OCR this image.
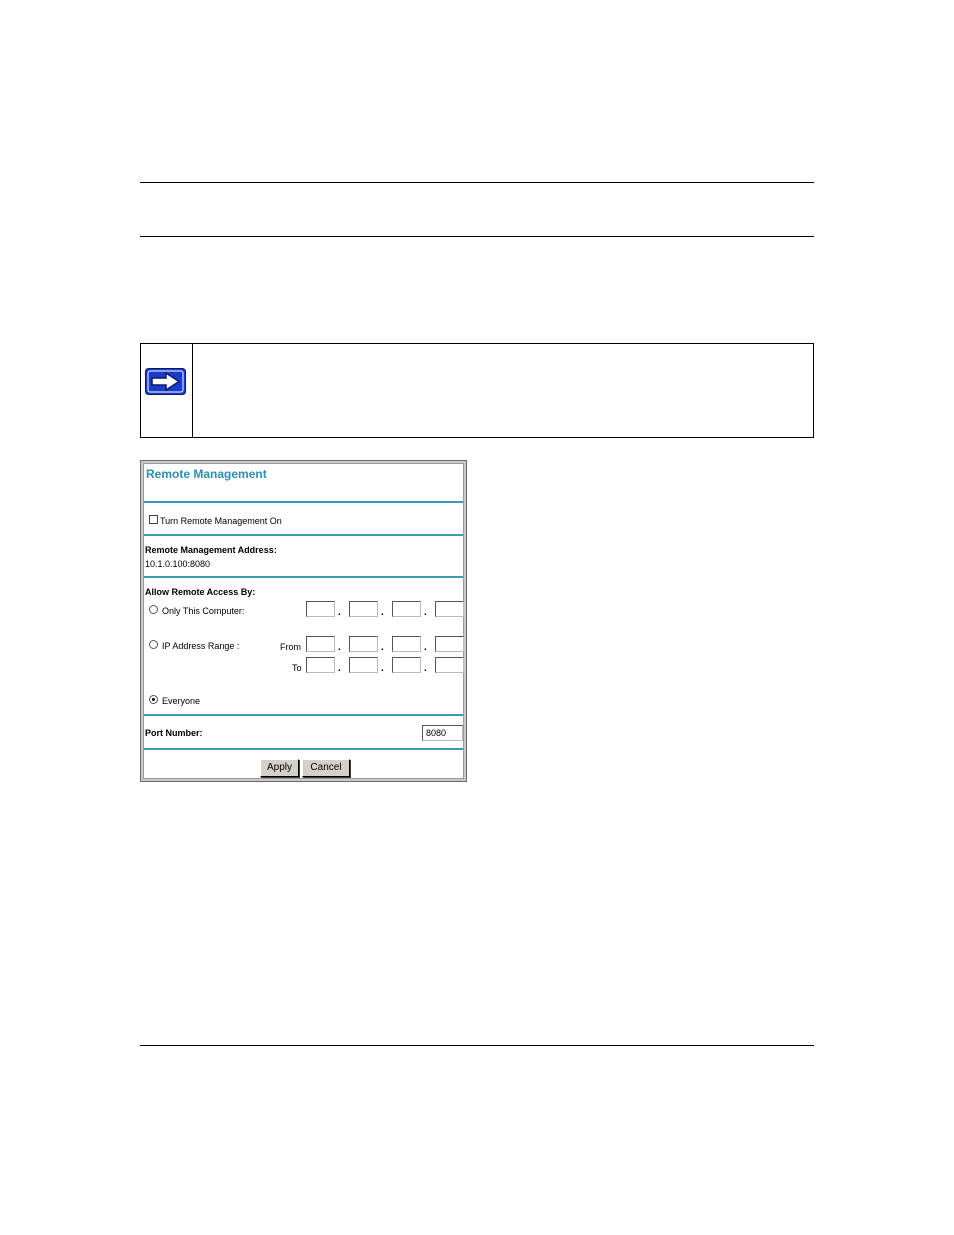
Remote Management
Turn Remote Management On
Remote Management Address:
10.1.0.100:8080
Allow Remote Access By:
Only This Computer:	.	.	.
IP Address Range :	From	.	.	.
To	.	.	.
Everyone
Port Number:	8080
Apply	Cancel
